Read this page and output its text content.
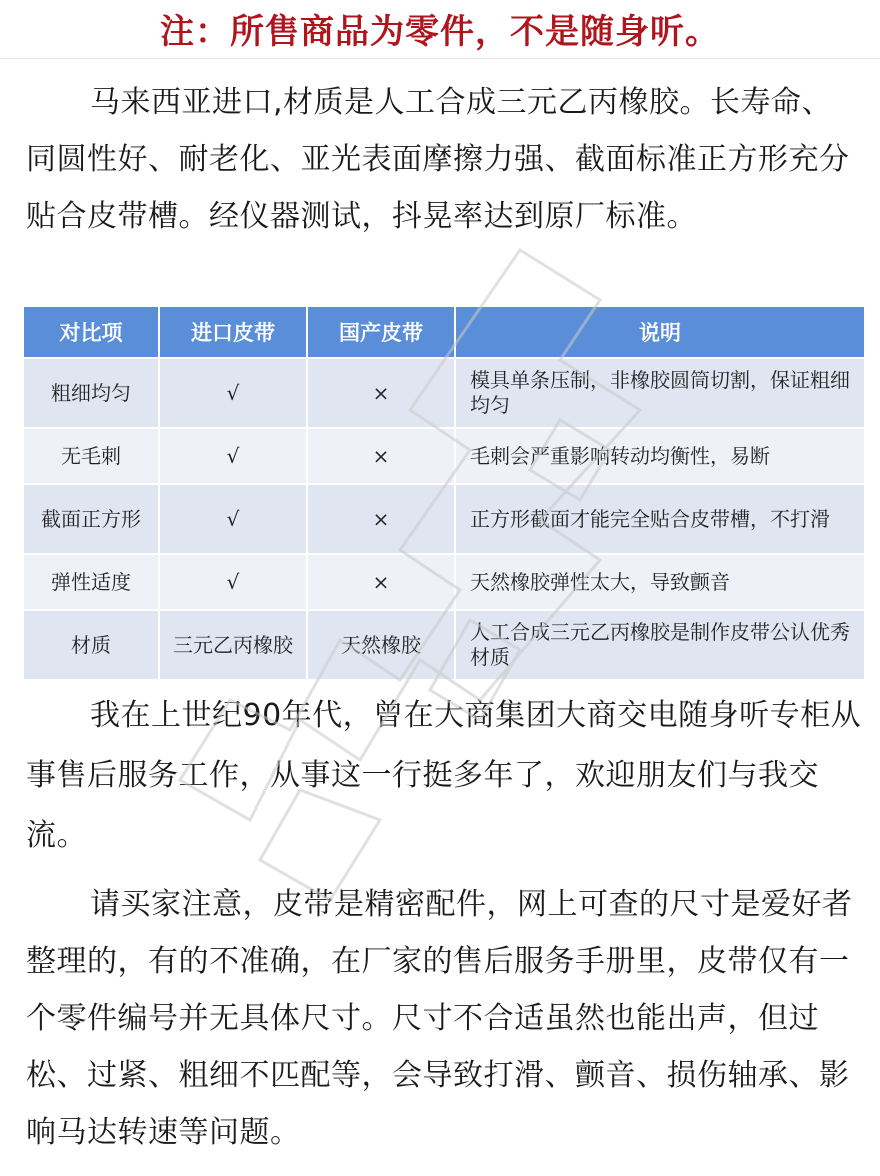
注：所售商品为零件，不是随身听。

马来西亚进口,材质是人工合成三元乙丙橡胶。长寿命、同圆性好、耐老化、亚光表面摩擦力强、截面标准正方形充分贴合皮带槽。经仪器测试，抖晃率达到原厂标准。

对比项	进口皮带	国产皮带	说明
粗细均匀	√	×	模具单条压制，非橡胶圆筒切割，保证粗细均匀
无毛刺	√	×	毛刺会严重影响转动均衡性，易断
截面正方形	√	×	正方形截面才能完全贴合皮带槽，不打滑
弹性适度	√	×	天然橡胶弹性太大，导致颤音
材质	三元乙丙橡胶	天然橡胶	人工合成三元乙丙橡胶是制作皮带公认优秀材质

我在上世纪90年代，曾在大商集团大商交电随身听专柜从事售后服务工作，从事这一行挺多年了，欢迎朋友们与我交流。

请买家注意，皮带是精密配件，网上可查的尺寸是爱好者整理的，有的不准确，在厂家的售后服务手册里，皮带仅有一个零件编号并无具体尺寸。尺寸不合适虽然也能出声，但过松、过紧、粗细不匹配等，会导致打滑、颤音、损伤轴承、影响马达转速等问题。
